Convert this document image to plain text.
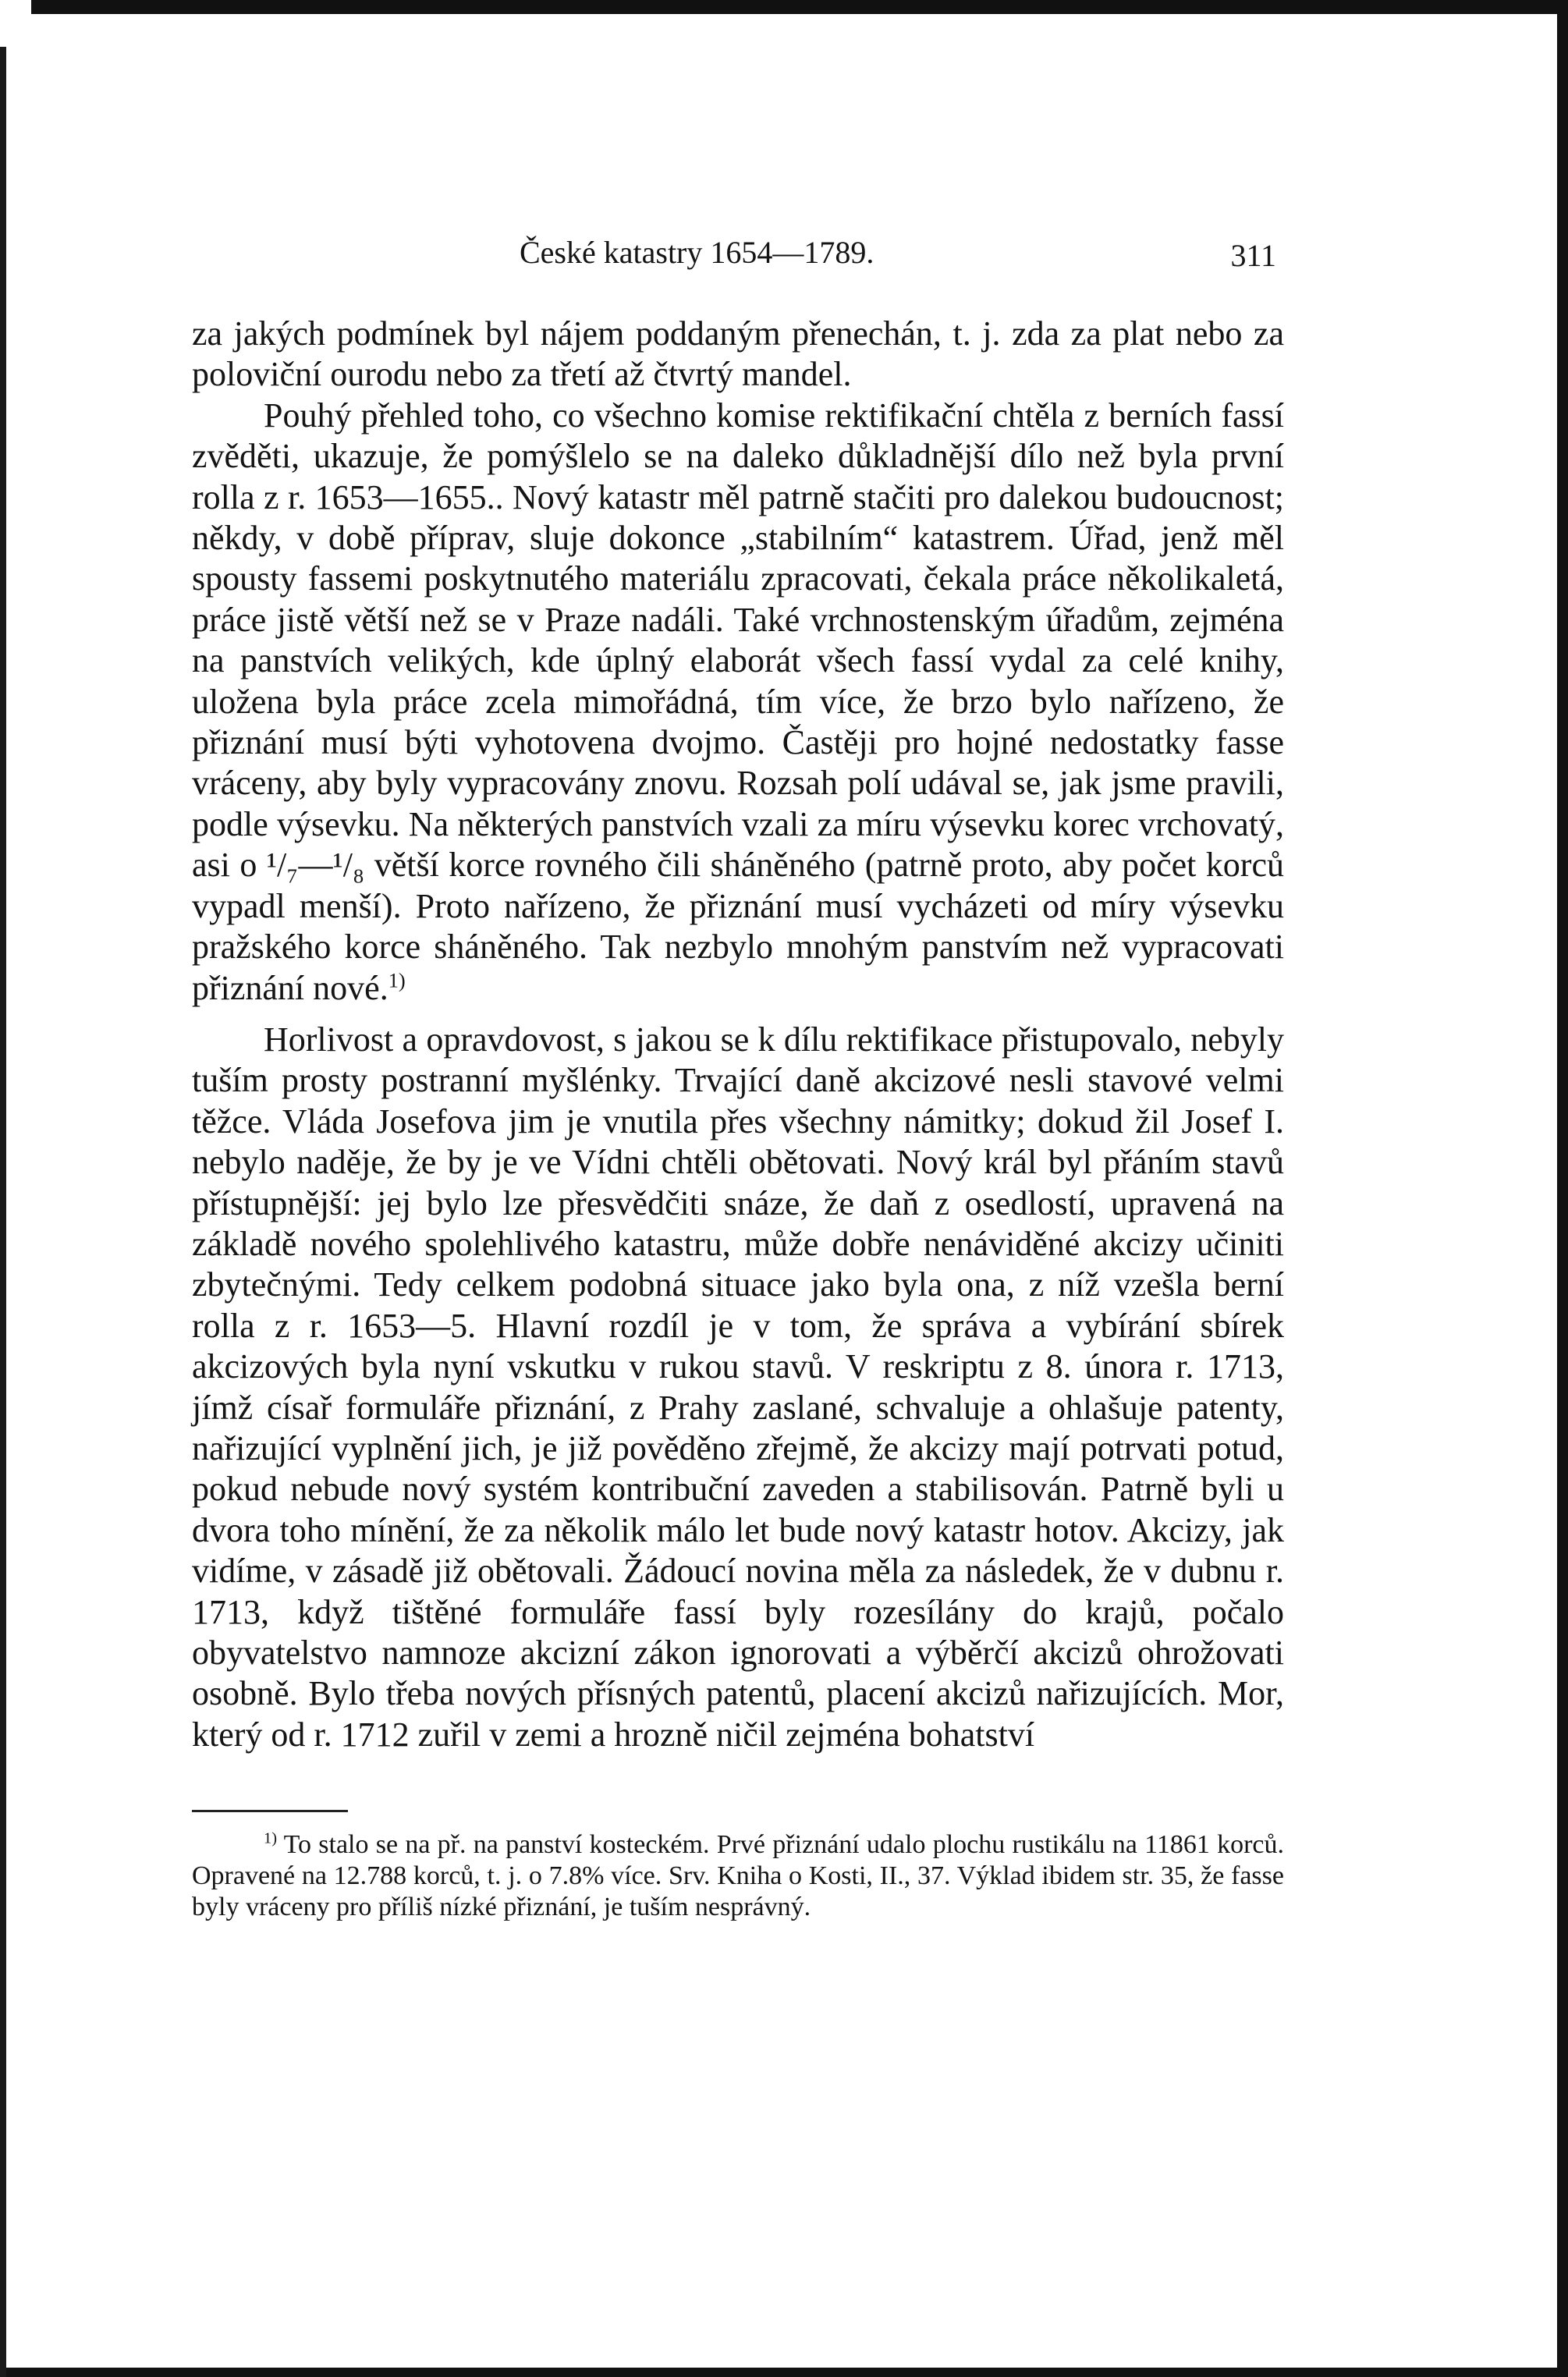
České katastry 1654—1789.	311

za jakých podmínek byl nájem poddaným přenechán, t. j. zda za plat nebo za poloviční ourodu nebo za třetí až čtvrtý mandel.

Pouhý přehled toho, co všechno komise rektifikační chtěla z berních fassí zvěděti, ukazuje, že pomýšlelo se na daleko důkladnější dílo než byla první rolla z r. 1653—1655.. Nový katastr měl patrně stačiti pro dalekou budoucnost; někdy, v době příprav, sluje dokonce „stabilním“ katastrem. Úřad, jenž měl spousty fassemi poskytnutého materiálu zpracovati, čekala práce několikaletá, práce jistě větší než se v Praze nadáli. Také vrchnostenským úřadům, zejména na panstvích velikých, kde úplný elaborát všech fassí vydal za celé knihy, uložena byla práce zcela mimořádná, tím více, že brzo bylo nařízeno, že přiznání musí býti vyhotovena dvojmo. Častěji pro hojné nedostatky fasse vráceny, aby byly vypracovány znovu. Rozsah polí udával se, jak jsme pravili, podle výsevku. Na některých panstvích vzali za míru výsevku korec vrchovatý, asi o ¹/₇—¹/₈ větší korce rovného čili sháněného (patrně proto, aby počet korců vypadl menší). Proto nařízeno, že přiznání musí vycházeti od míry výsevku pražského korce sháněného. Tak nezbylo mnohým panstvím než vypracovati přiznání nové.$^{1)}$

Horlivost a opravdovost, s jakou se k dílu rektifikace přistupovalo, nebyly tuším prosty postranní myšlénky. Trvající daně akcizové nesli stavové velmi těžce. Vláda Josefova jim je vnutila přes všechny námitky; dokud žil Josef I. nebylo naděje, že by je ve Vídni chtěli obětovati. Nový král byl přáním stavů přístupnější: jej bylo lze přesvědčiti snáze, že daň z osedlostí, upravená na základě nového spolehlivého katastru, může dobře nenáviděné akcizy učiniti zbytečnými. Tedy celkem podobná situace jako byla ona, z níž vzešla berní rolla z r. 1653—5. Hlavní rozdíl je v tom, že správa a vybírání sbírek akcizových byla nyní vskutku v rukou stavů. V reskriptu z 8. února r. 1713, jímž císař formuláře přiznání, z Prahy zaslané, schvaluje a ohlašuje patenty, nařizující vyplnění jich, je již pověděno zřejmě, že akcizy mají potrvati potud, pokud nebude nový systém kontribuční zaveden a stabilisován. Patrně byli u dvora toho mínění, že za několik málo let bude nový katastr hotov. Akcizy, jak vidíme, v zásadě již obětovali. Žádoucí novina měla za následek, že v dubnu r. 1713, když tištěné formuláře fassí byly rozesílány do krajů, počalo obyvatelstvo namnoze akcizní zákon ignorovati a výběrčí akcizů ohrožovati osobně. Bylo třeba nových přísných patentů, placení akcizů nařizujících. Mor, který od r. 1712 zuřil v zemi a hrozně ničil zejména bohatství

$^{1)}$ To stalo se na př. na panství kosteckém. Prvé přiznání udalo plochu rustikálu na 11861 korců. Opravené na 12.788 korců, t. j. o 7.8% více. Srv. Kniha o Kosti, II., 37. Výklad ibidem str. 35, že fasse byly vráceny pro příliš nízké přiznání, je tuším nesprávný.
